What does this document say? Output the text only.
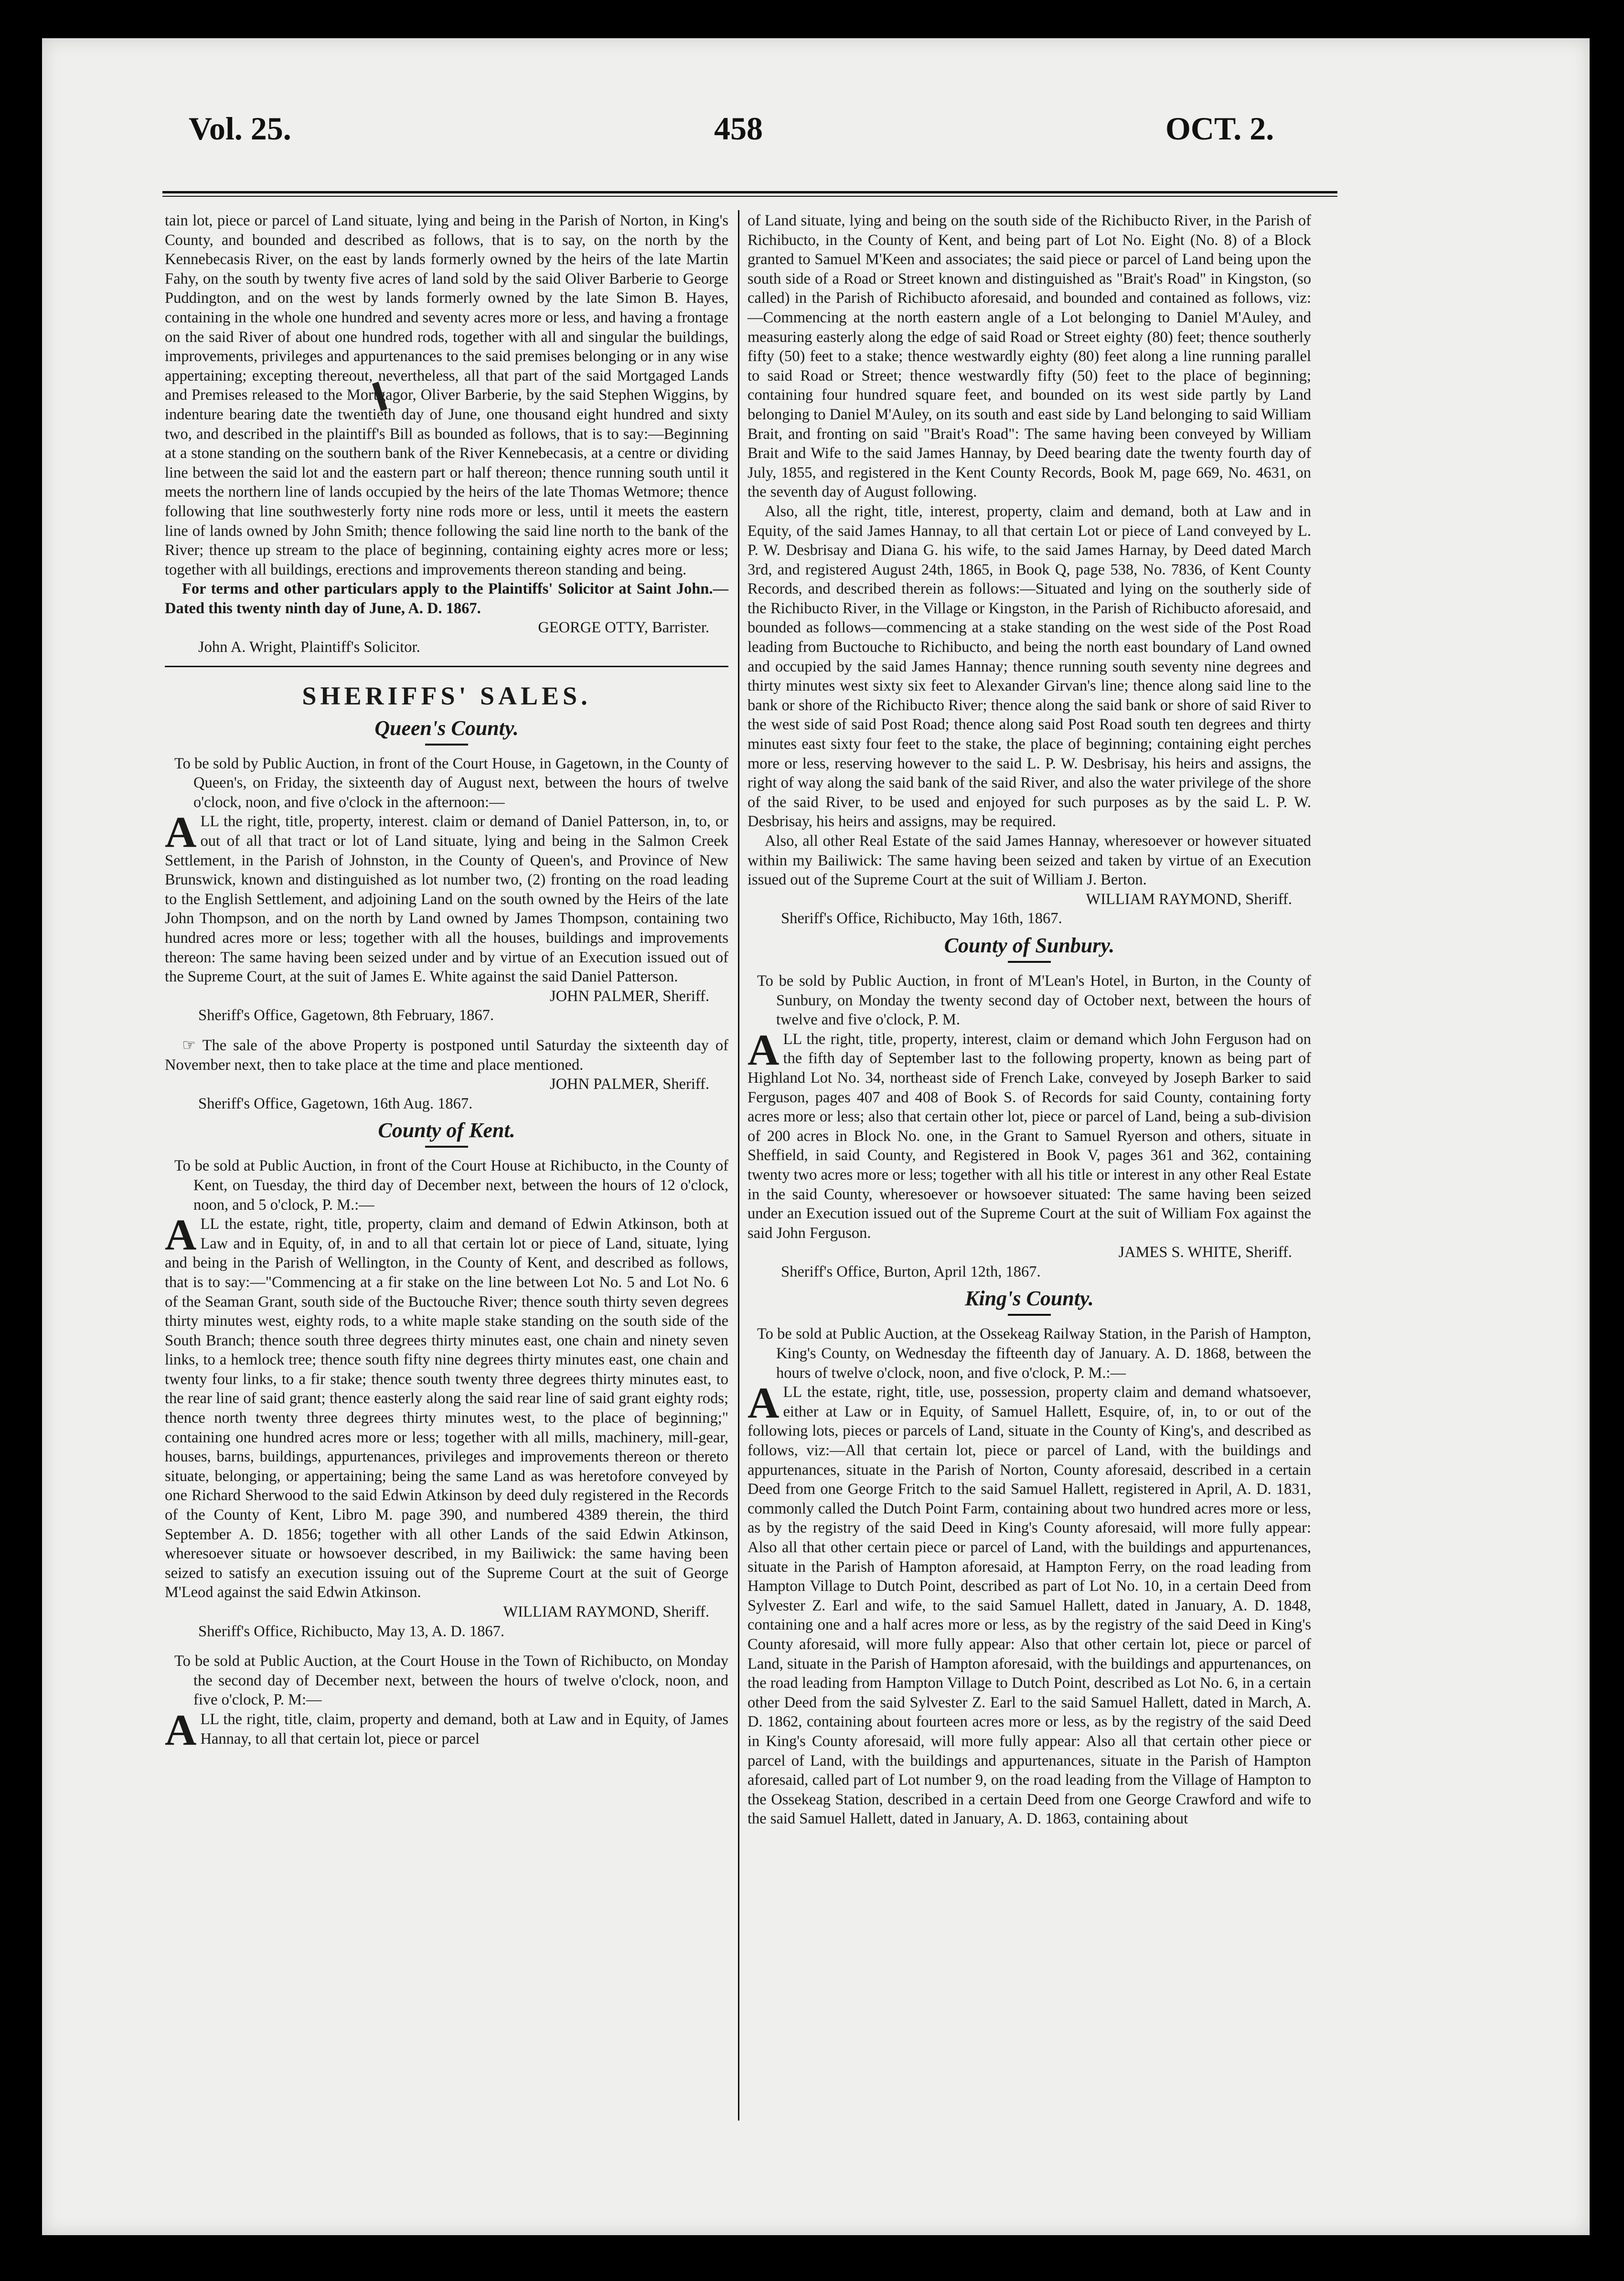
Vol. 25.	458	OCT. 2.

tain lot, piece or parcel of Land situate, lying and being in the Parish of Norton, in King's County, and bounded and described as follows, that is to say, on the north by the Kennebecasis River, on the east by lands formerly owned by the heirs of the late Martin Fahy, on the south by twenty five acres of land sold by the said Oliver Barberie to George Puddington, and on the west by lands formerly owned by the late Simon B. Hayes, containing in the whole one hundred and seventy acres more or less, and having a frontage on the said River of about one hundred rods, together with all and singular the buildings, improvements, privileges and appurtenances to the said premises belonging or in any wise appertaining; excepting thereout, nevertheless, all that part of the said Mortgaged Lands and Premises released to the Mortgagor, Oliver Barberie, by the said Stephen Wiggins, by indenture bearing date the twentieth day of June, one thousand eight hundred and sixty two, and described in the plaintiff's Bill as bounded as follows, that is to say:—Beginning at a stone standing on the southern bank of the River Kennebecasis, at a centre or dividing line between the said lot and the eastern part or half thereon; thence running south until it meets the northern line of lands occupied by the heirs of the late Thomas Wetmore; thence following that line southwesterly forty nine rods more or less, until it meets the eastern line of lands owned by John Smith; thence following the said line north to the bank of the River; thence up stream to the place of beginning, containing eighty acres more or less; together with all buildings, erections and improvements thereon standing and being.

For terms and other particulars apply to the Plaintiffs' Solicitor at Saint John.—Dated this twenty ninth day of June, A. D. 1867.

GEORGE OTTY, Barrister.

John A. Wright, Plaintiff's Solicitor.

SHERIFFS' SALES.
Queen's County.

To be sold by Public Auction, in front of the Court House, in Gagetown, in the County of Queen's, on Friday, the sixteenth day of August next, between the hours of twelve o'clock, noon, and five o'clock in the afternoon:—

ALL the right, title, property, interest. claim or demand of Daniel Patterson, in, to, or out of all that tract or lot of Land situate, lying and being in the Salmon Creek Settlement, in the Parish of Johnston, in the County of Queen's, and Province of New Brunswick, known and distinguished as lot number two, (2) fronting on the road leading to the English Settlement, and adjoining Land on the south owned by the Heirs of the late John Thompson, and on the north by Land owned by James Thompson, containing two hundred acres more or less; together with all the houses, buildings and improvements thereon: The same having been seized under and by virtue of an Execution issued out of the Supreme Court, at the suit of James E. White against the said Daniel Patterson.

JOHN PALMER, Sheriff.

Sheriff's Office, Gagetown, 8th February, 1867.

☞ The sale of the above Property is postponed until Saturday the sixteenth day of November next, then to take place at the time and place mentioned.

JOHN PALMER, Sheriff.

Sheriff's Office, Gagetown, 16th Aug. 1867.

County of Kent.

To be sold at Public Auction, in front of the Court House at Richibucto, in the County of Kent, on Tuesday, the third day of December next, between the hours of 12 o'clock, noon, and 5 o'clock, P. M.:—

ALL the estate, right, title, property, claim and demand of Edwin Atkinson, both at Law and in Equity, of, in and to all that certain lot or piece of Land, situate, lying and being in the Parish of Wellington, in the County of Kent, and described as follows, that is to say:—"Commencing at a fir stake on the line between Lot No. 5 and Lot No. 6 of the Seaman Grant, south side of the Buctouche River; thence south thirty seven degrees thirty minutes west, eighty rods, to a white maple stake standing on the south side of the South Branch; thence south three degrees thirty minutes east, one chain and ninety seven links, to a hemlock tree; thence south fifty nine degrees thirty minutes east, one chain and twenty four links, to a fir stake; thence south twenty three degrees thirty minutes east, to the rear line of said grant; thence easterly along the said rear line of said grant eighty rods; thence north twenty three degrees thirty minutes west, to the place of beginning;" containing one hundred acres more or less; together with all mills, machinery, mill-gear, houses, barns, buildings, appurtenances, privileges and improvements thereon or thereto situate, belonging, or appertaining; being the same Land as was heretofore conveyed by one Richard Sherwood to the said Edwin Atkinson by deed duly registered in the Records of the County of Kent, Libro M. page 390, and numbered 4389 therein, the third September A. D. 1856; together with all other Lands of the said Edwin Atkinson, wheresoever situate or howsoever described, in my Bailiwick: the same having been seized to satisfy an execution issuing out of the Supreme Court at the suit of George M'Leod against the said Edwin Atkinson.

WILLIAM RAYMOND, Sheriff.

Sheriff's Office, Richibucto, May 13, A. D. 1867.

To be sold at Public Auction, at the Court House in the Town of Richibucto, on Monday the second day of December next, between the hours of twelve o'clock, noon, and five o'clock, P. M:—

ALL the right, title, claim, property and demand, both at Law and in Equity, of James Hannay, to all that certain lot, piece or parcel

of Land situate, lying and being on the south side of the Richibucto River, in the Parish of Richibucto, in the County of Kent, and being part of Lot No. Eight (No. 8) of a Block granted to Samuel M'Keen and associates; the said piece or parcel of Land being upon the south side of a Road or Street known and distinguished as "Brait's Road" in Kingston, (so called) in the Parish of Richibucto aforesaid, and bounded and contained as follows, viz:—Commencing at the north eastern angle of a Lot belonging to Daniel M'Auley, and measuring easterly along the edge of said Road or Street eighty (80) feet; thence southerly fifty (50) feet to a stake; thence westwardly eighty (80) feet along a line running parallel to said Road or Street; thence westwardly fifty (50) feet to the place of beginning; containing four hundred square feet, and bounded on its west side partly by Land belonging to Daniel M'Auley, on its south and east side by Land belonging to said William Brait, and fronting on said "Brait's Road": The same having been conveyed by William Brait and Wife to the said James Hannay, by Deed bearing date the twenty fourth day of July, 1855, and registered in the Kent County Records, Book M, page 669, No. 4631, on the seventh day of August following.

Also, all the right, title, interest, property, claim and demand, both at Law and in Equity, of the said James Hannay, to all that certain Lot or piece of Land conveyed by L. P. W. Desbrisay and Diana G. his wife, to the said James Harnay, by Deed dated March 3rd, and registered August 24th, 1865, in Book Q, page 538, No. 7836, of Kent County Records, and described therein as follows:—Situated and lying on the southerly side of the Richibucto River, in the Village or Kingston, in the Parish of Richibucto aforesaid, and bounded as follows—commencing at a stake standing on the west side of the Post Road leading from Buctouche to Richibucto, and being the north east boundary of Land owned and occupied by the said James Hannay; thence running south seventy nine degrees and thirty minutes west sixty six feet to Alexander Girvan's line; thence along said line to the bank or shore of the Richibucto River; thence along the said bank or shore of said River to the west side of said Post Road; thence along said Post Road south ten degrees and thirty minutes east sixty four feet to the stake, the place of beginning; containing eight perches more or less, reserving however to the said L. P. W. Desbrisay, his heirs and assigns, the right of way along the said bank of the said River, and also the water privilege of the shore of the said River, to be used and enjoyed for such purposes as by the said L. P. W. Desbrisay, his heirs and assigns, may be required.

Also, all other Real Estate of the said James Hannay, wheresoever or however situated within my Bailiwick: The same having been seized and taken by virtue of an Execution issued out of the Supreme Court at the suit of William J. Berton.

WILLIAM RAYMOND, Sheriff.

Sheriff's Office, Richibucto, May 16th, 1867.

County of Sunbury.

To be sold by Public Auction, in front of M'Lean's Hotel, in Burton, in the County of Sunbury, on Monday the twenty second day of October next, between the hours of twelve and five o'clock, P. M.

ALL the right, title, property, interest, claim or demand which John Ferguson had on the fifth day of September last to the following property, known as being part of Highland Lot No. 34, northeast side of French Lake, conveyed by Joseph Barker to said Ferguson, pages 407 and 408 of Book S. of Records for said County, containing forty acres more or less; also that certain other lot, piece or parcel of Land, being a sub-division of 200 acres in Block No. one, in the Grant to Samuel Ryerson and others, situate in Sheffield, in said County, and Registered in Book V, pages 361 and 362, containing twenty two acres more or less; together with all his title or interest in any other Real Estate in the said County, wheresoever or howsoever situated: The same having been seized under an Execution issued out of the Supreme Court at the suit of William Fox against the said John Ferguson.

JAMES S. WHITE, Sheriff.

Sheriff's Office, Burton, April 12th, 1867.

King's County.

To be sold at Public Auction, at the Ossekeag Railway Station, in the Parish of Hampton, King's County, on Wednesday the fifteenth day of January. A. D. 1868, between the hours of twelve o'clock, noon, and five o'clock, P. M.:—

ALL the estate, right, title, use, possession, property claim and demand whatsoever, either at Law or in Equity, of Samuel Hallett, Esquire, of, in, to or out of the following lots, pieces or parcels of Land, situate in the County of King's, and described as follows, viz:—All that certain lot, piece or parcel of Land, with the buildings and appurtenances, situate in the Parish of Norton, County aforesaid, described in a certain Deed from one George Fritch to the said Samuel Hallett, registered in April, A. D. 1831, commonly called the Dutch Point Farm, containing about two hundred acres more or less, as by the registry of the said Deed in King's County aforesaid, will more fully appear: Also all that other certain piece or parcel of Land, with the buildings and appurtenances, situate in the Parish of Hampton aforesaid, at Hampton Ferry, on the road leading from Hampton Village to Dutch Point, described as part of Lot No. 10, in a certain Deed from Sylvester Z. Earl and wife, to the said Samuel Hallett, dated in January, A. D. 1848, containing one and a half acres more or less, as by the registry of the said Deed in King's County aforesaid, will more fully appear: Also that other certain lot, piece or parcel of Land, situate in the Parish of Hampton aforesaid, with the buildings and appurtenances, on the road leading from Hampton Village to Dutch Point, described as Lot No. 6, in a certain other Deed from the said Sylvester Z. Earl to the said Samuel Hallett, dated in March, A. D. 1862, containing about fourteen acres more or less, as by the registry of the said Deed in King's County aforesaid, will more fully appear: Also all that certain other piece or parcel of Land, with the buildings and appurtenances, situate in the Parish of Hampton aforesaid, called part of Lot number 9, on the road leading from the Village of Hampton to the Ossekeag Station, described in a certain Deed from one George Crawford and wife to the said Samuel Hallett, dated in January, A. D. 1863, containing about
